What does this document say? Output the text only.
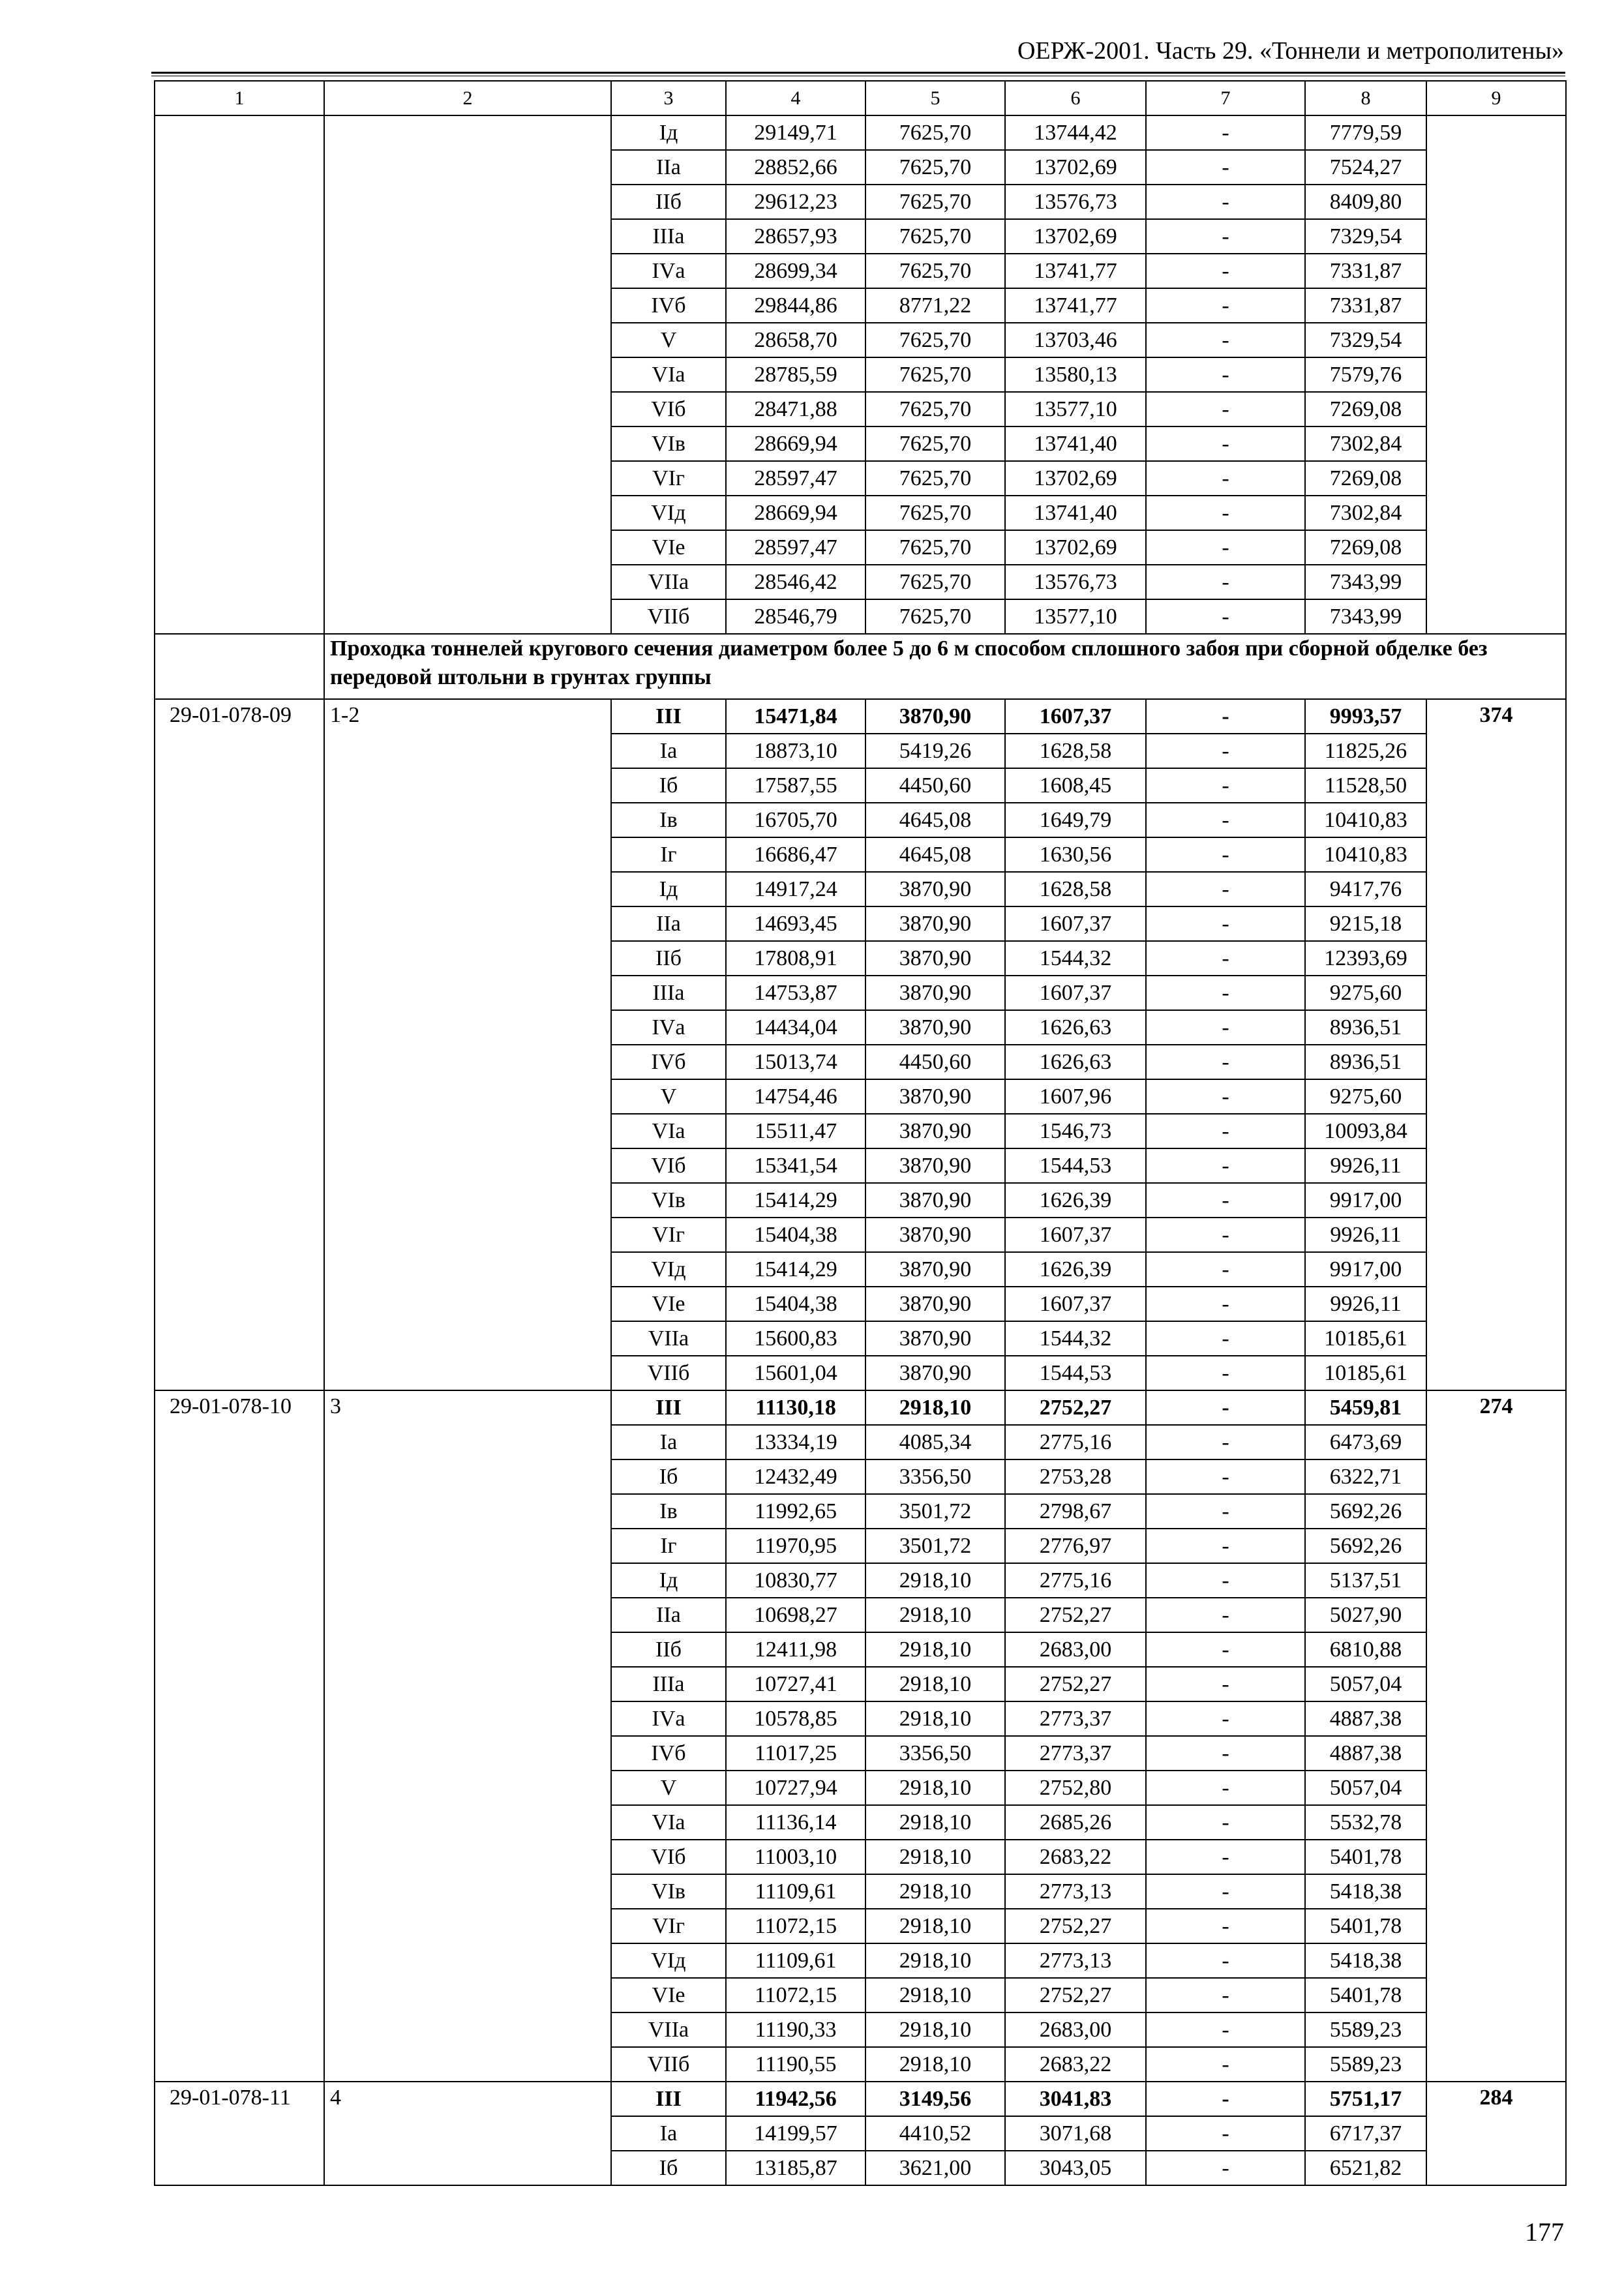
ОЕРЖ-2001. Часть 29. «Тоннели и метрополитены»
1	2	3	4	5	6	7	8	9
		Iд	29149,71	7625,70	13744,42	-	7779,59	
		IIа	28852,66	7625,70	13702,69	-	7524,27	
		IIб	29612,23	7625,70	13576,73	-	8409,80	
		IIIа	28657,93	7625,70	13702,69	-	7329,54	
		IVа	28699,34	7625,70	13741,77	-	7331,87	
		IVб	29844,86	8771,22	13741,77	-	7331,87	
		V	28658,70	7625,70	13703,46	-	7329,54	
		VIа	28785,59	7625,70	13580,13	-	7579,76	
		VIб	28471,88	7625,70	13577,10	-	7269,08	
		VIв	28669,94	7625,70	13741,40	-	7302,84	
		VIг	28597,47	7625,70	13702,69	-	7269,08	
		VIд	28669,94	7625,70	13741,40	-	7302,84	
		VIе	28597,47	7625,70	13702,69	-	7269,08	
		VIIа	28546,42	7625,70	13576,73	-	7343,99	
		VIIб	28546,79	7625,70	13577,10	-	7343,99	
	Проходка тоннелей кругового сечения диаметром более 5 до 6 м способом сплошного забоя при сборной обделке без передовой штольни в грунтах группы							
29-01-078-09	1-2	III	15471,84	3870,90	1607,37	-	9993,57	374
		Iа	18873,10	5419,26	1628,58	-	11825,26	
		Iб	17587,55	4450,60	1608,45	-	11528,50	
		Iв	16705,70	4645,08	1649,79	-	10410,83	
		Iг	16686,47	4645,08	1630,56	-	10410,83	
		Iд	14917,24	3870,90	1628,58	-	9417,76	
		IIа	14693,45	3870,90	1607,37	-	9215,18	
		IIб	17808,91	3870,90	1544,32	-	12393,69	
		IIIа	14753,87	3870,90	1607,37	-	9275,60	
		IVа	14434,04	3870,90	1626,63	-	8936,51	
		IVб	15013,74	4450,60	1626,63	-	8936,51	
		V	14754,46	3870,90	1607,96	-	9275,60	
		VIа	15511,47	3870,90	1546,73	-	10093,84	
		VIб	15341,54	3870,90	1544,53	-	9926,11	
		VIв	15414,29	3870,90	1626,39	-	9917,00	
		VIг	15404,38	3870,90	1607,37	-	9926,11	
		VIд	15414,29	3870,90	1626,39	-	9917,00	
		VIе	15404,38	3870,90	1607,37	-	9926,11	
		VIIа	15600,83	3870,90	1544,32	-	10185,61	
		VIIб	15601,04	3870,90	1544,53	-	10185,61	
29-01-078-10	3	III	11130,18	2918,10	2752,27	-	5459,81	274
		Iа	13334,19	4085,34	2775,16	-	6473,69	
		Iб	12432,49	3356,50	2753,28	-	6322,71	
		Iв	11992,65	3501,72	2798,67	-	5692,26	
		Iг	11970,95	3501,72	2776,97	-	5692,26	
		Iд	10830,77	2918,10	2775,16	-	5137,51	
		IIа	10698,27	2918,10	2752,27	-	5027,90	
		IIб	12411,98	2918,10	2683,00	-	6810,88	
		IIIа	10727,41	2918,10	2752,27	-	5057,04	
		IVа	10578,85	2918,10	2773,37	-	4887,38	
		IVб	11017,25	3356,50	2773,37	-	4887,38	
		V	10727,94	2918,10	2752,80	-	5057,04	
		VIа	11136,14	2918,10	2685,26	-	5532,78	
		VIб	11003,10	2918,10	2683,22	-	5401,78	
		VIв	11109,61	2918,10	2773,13	-	5418,38	
		VIг	11072,15	2918,10	2752,27	-	5401,78	
		VIд	11109,61	2918,10	2773,13	-	5418,38	
		VIе	11072,15	2918,10	2752,27	-	5401,78	
		VIIа	11190,33	2918,10	2683,00	-	5589,23	
		VIIб	11190,55	2918,10	2683,22	-	5589,23	
29-01-078-11	4	III	11942,56	3149,56	3041,83	-	5751,17	284
		Iа	14199,57	4410,52	3071,68	-	6717,37	
		Iб	13185,87	3621,00	3043,05	-	6521,82	
177
